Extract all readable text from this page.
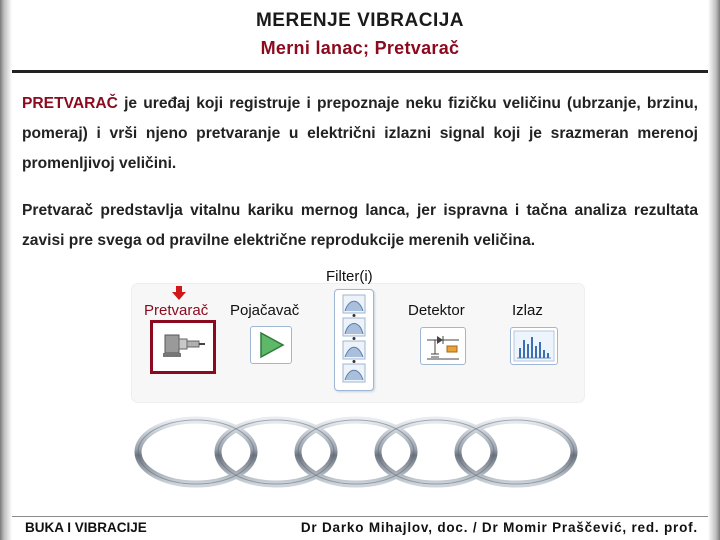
MERENJE VIBRACIJA
Merni lanac; Pretvarač
PRETVARAČ je uređaj koji registruje i prepoznaje neku fizičku veličinu (ubrzanje, brzinu, pomeraj) i vrši njeno pretvaranje u električni izlazni signal koji je srazmeran merenoj promenljivoj veličini.
Pretvarač predstavlja vitalnu kariku mernog lanca, jer ispravna i tačna analiza rezultata zavisi pre svega od pravilne električne reprodukcije merenih veličina.
Filter(i)
Pretvarač Pojačavač	Detektor	Izlaz
BUKA I VIBRACIJE	Dr Darko Mihajlov, doc. / Dr Momir Praščević, red. prof.
